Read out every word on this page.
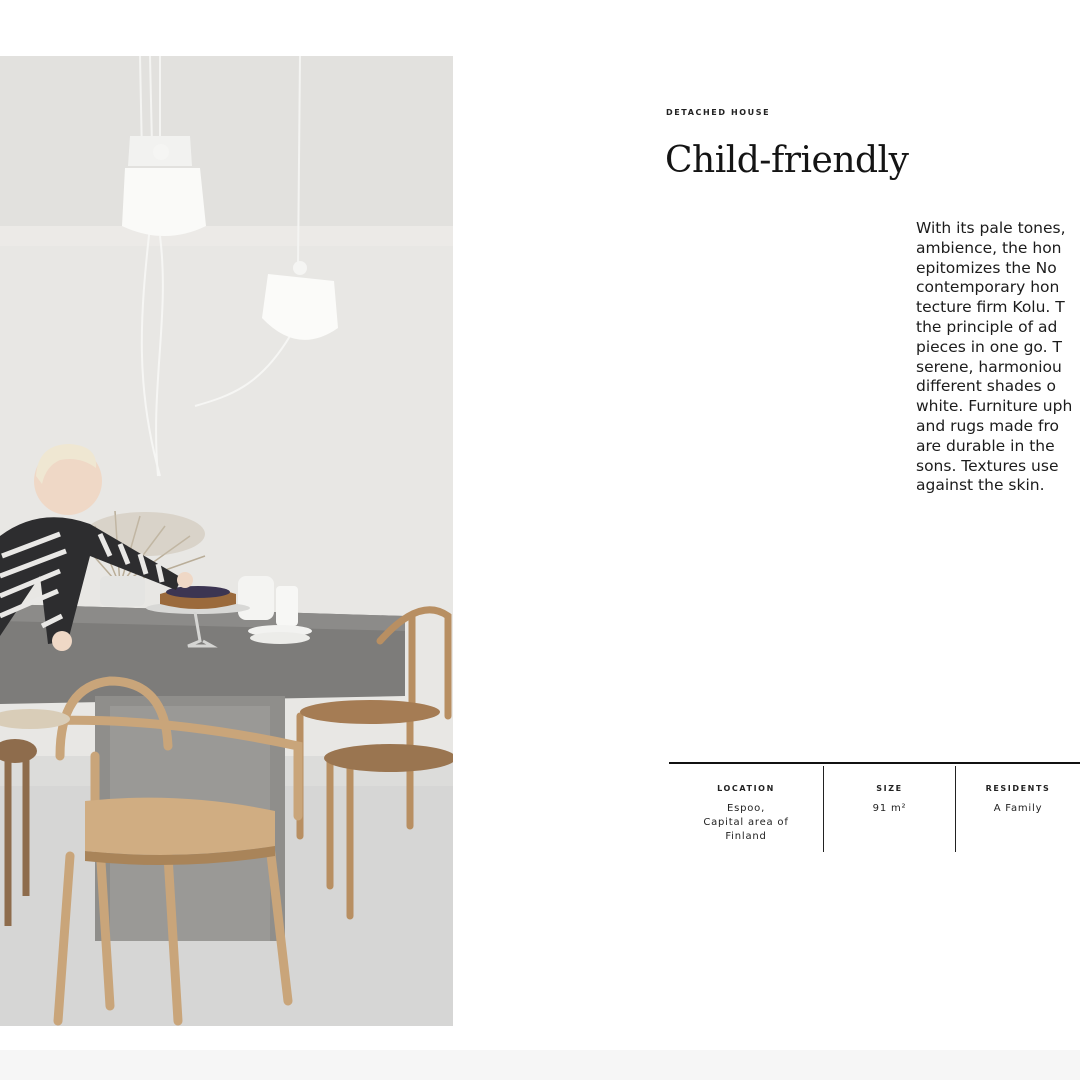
DETACHED HOUSE
Child-friendly
With its pale tones,
ambience, the hon
epitomizes the No
contemporary hon
tecture firm Kolu. T
the principle of ad
pieces in one go. T
serene, harmoniou
different shades o
white. Furniture uph
and rugs made fro
are durable in the
sons. Textures use
against the skin.
LOCATION
Espoo,
Capital area of
Finland
SIZE
91 m²
RESIDENTS
A Family
